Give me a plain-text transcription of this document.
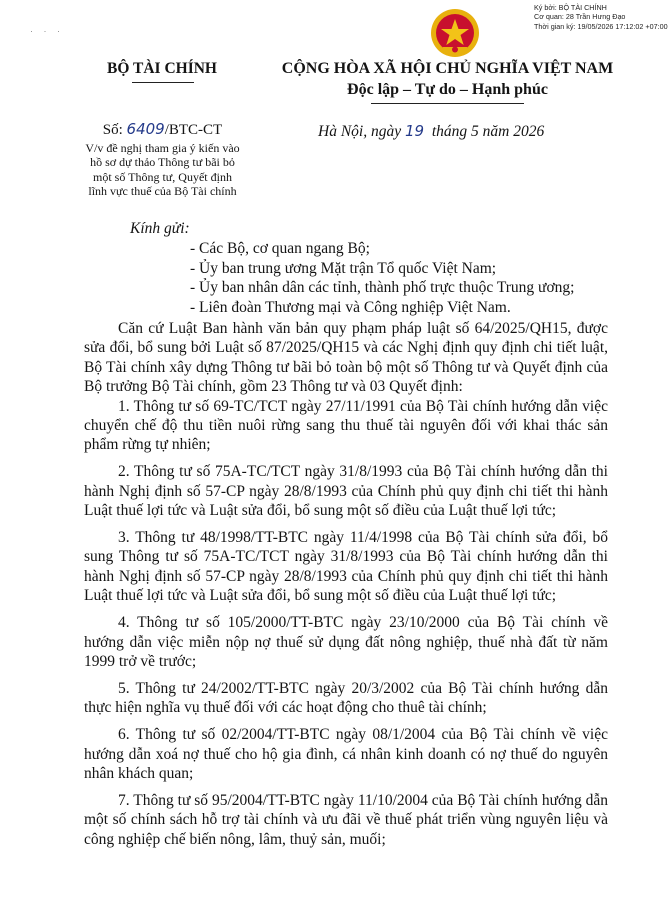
Ký bởi: BỘ TÀI CHÍNH
Cơ quan: 28 Trần Hưng Đạo
Thời gian ký: 19/05/2026 17:12:02 +07:00
· · ·
BỘ TÀI CHÍNH	CỘNG HÒA XÃ HỘI CHỦ NGHĨA VIỆT NAM
Độc lập – Tự do – Hạnh phúc
Số: 6409/BTC-CT
V/v đề nghị tham gia ý kiến vào
hồ sơ dự thảo Thông tư bãi bỏ
một số Thông tư, Quyết định
lĩnh vực thuế của Bộ Tài chính
Hà Nội, ngày 19  tháng 5 năm 2026
Kính gửi:
- Các Bộ, cơ quan ngang Bộ;
- Ủy ban trung ương Mặt trận Tổ quốc Việt Nam;
- Ủy ban nhân dân các tỉnh, thành phố trực thuộc Trung ương;
- Liên đoàn Thương mại và Công nghiệp Việt Nam.

Căn cứ Luật Ban hành văn bản quy phạm pháp luật số 64/2025/QH15, được sửa đổi, bổ sung bởi Luật số 87/2025/QH15 và các Nghị định quy định chi tiết luật, Bộ Tài chính xây dựng Thông tư bãi bỏ toàn bộ một số Thông tư và Quyết định của Bộ trưởng Bộ Tài chính, gồm 23 Thông tư và 03 Quyết định:

1. Thông tư số 69-TC/TCT ngày 27/11/1991 của Bộ Tài chính hướng dẫn việc chuyển chế độ thu tiền nuôi rừng sang thu thuế tài nguyên đối với khai thác sản phẩm rừng tự nhiên;

2. Thông tư số 75A-TC/TCT ngày 31/8/1993 của Bộ Tài chính hướng dẫn thi hành Nghị định số 57-CP ngày 28/8/1993 của Chính phủ quy định chi tiết thi hành Luật thuế lợi tức và Luật sửa đổi, bổ sung một số điều của Luật thuế lợi tức;

3. Thông tư 48/1998/TT-BTC ngày 11/4/1998 của Bộ Tài chính sửa đổi, bổ sung Thông tư số 75A-TC/TCT ngày 31/8/1993 của Bộ Tài chính hướng dẫn thi hành Nghị định số 57-CP ngày 28/8/1993 của Chính phủ quy định chi tiết thi hành Luật thuế lợi tức và Luật sửa đổi, bổ sung một số điều của Luật thuế lợi tức;

4. Thông tư số 105/2000/TT-BTC ngày 23/10/2000 của Bộ Tài chính về hướng dẫn việc miễn nộp nợ thuế sử dụng đất nông nghiệp, thuế nhà đất từ năm 1999 trở về trước;

5. Thông tư 24/2002/TT-BTC ngày 20/3/2002 của Bộ Tài chính hướng dẫn thực hiện nghĩa vụ thuế đối với các hoạt động cho thuê tài chính;

6. Thông tư số 02/2004/TT-BTC ngày 08/1/2004 của Bộ Tài chính về việc hướng dẫn xoá nợ thuế cho hộ gia đình, cá nhân kinh doanh có nợ thuế do nguyên nhân khách quan;

7. Thông tư số 95/2004/TT-BTC ngày 11/10/2004 của Bộ Tài chính hướng dẫn một số chính sách hỗ trợ tài chính và ưu đãi về thuế phát triển vùng nguyên liệu và công nghiệp chế biến nông, lâm, thuỷ sản, muối;
